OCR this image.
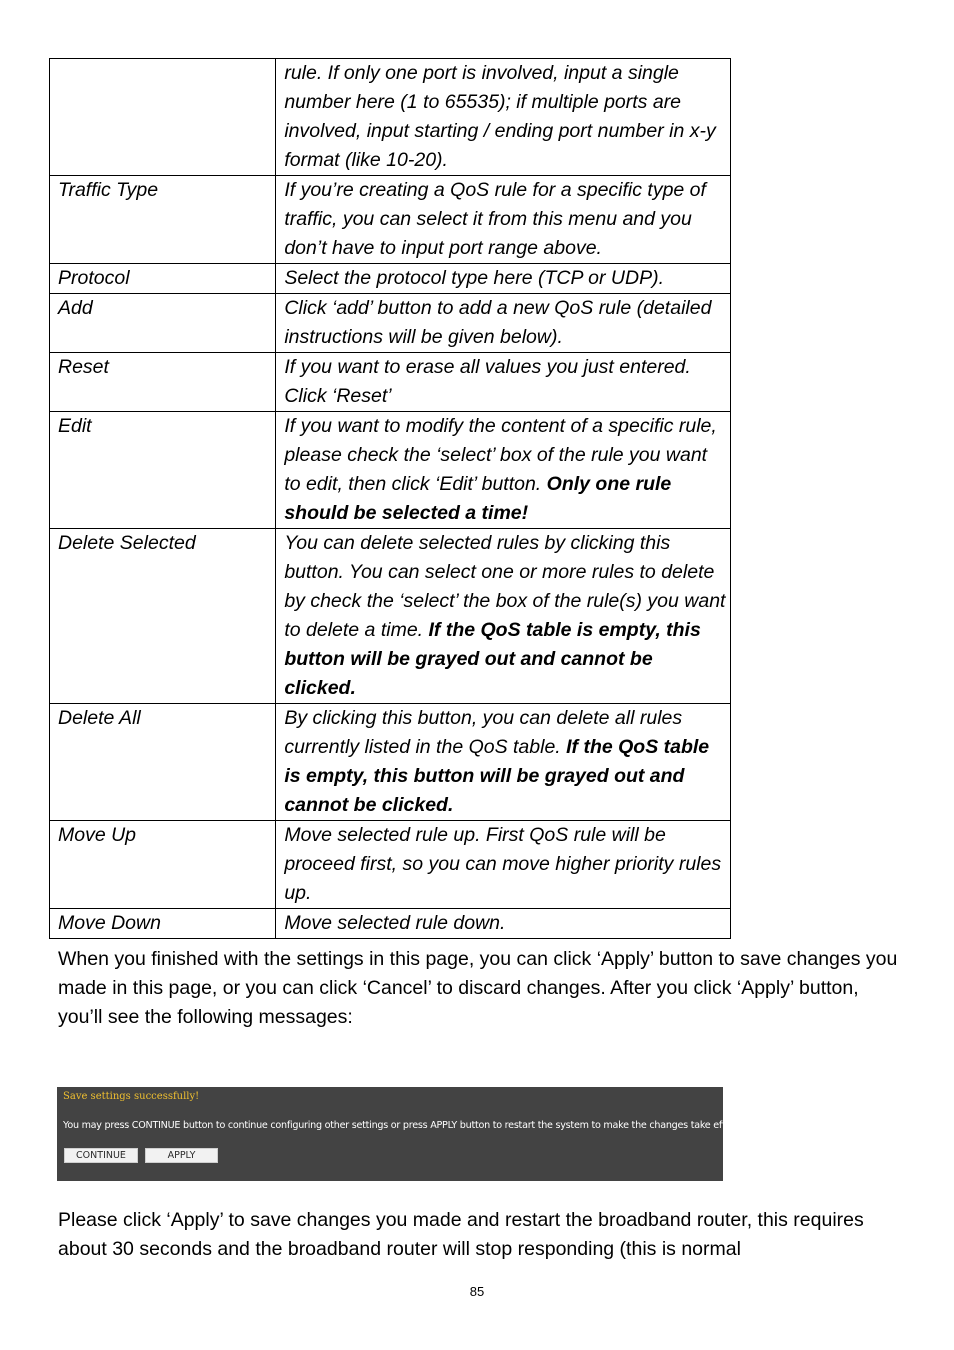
	rule. If only one port is involved, input a single number here (1 to 65535); if multiple ports are involved, input starting / ending port number in x-y format (like 10-20).
Traffic Type	If you’re creating a QoS rule for a specific type of traffic, you can select it from this menu and you don’t have to input port range above.
Protocol	Select the protocol type here (TCP or UDP).
Add	Click ‘add’ button to add a new QoS rule (detailed instructions will be given below).
Reset	If you want to erase all values you just entered. Click ‘Reset’
Edit	If you want to modify the content of a specific rule, please check the ‘select’ box of the rule you want to edit, then click ‘Edit’ button. Only one rule should be selected a time!
Delete Selected	You can delete selected rules by clicking this button. You can select one or more rules to delete by check the ‘select’ the box of the rule(s) you want to delete a time. If the QoS table is empty, this button will be grayed out and cannot be clicked.
Delete All	By clicking this button, you can delete all rules currently listed in the QoS table. If the QoS table is empty, this button will be grayed out and cannot be clicked.
Move Up	Move selected rule up. First QoS rule will be proceed first, so you can move higher priority rules up.
Move Down	Move selected rule down.

When you finished with the settings in this page, you can click ‘Apply’ button to save changes you made in this page, or you can click ‘Cancel’ to discard changes. After you click ‘Apply’ button, you’ll see the following messages:

Save settings successfully!
You may press CONTINUE button to continue configuring other settings or press APPLY button to restart the system to make the changes take effect.
CONTINUE	APPLY

Please click ‘Apply’ to save changes you made and restart the broadband router, this requires about 30 seconds and the broadband router will stop responding (this is normal

85
